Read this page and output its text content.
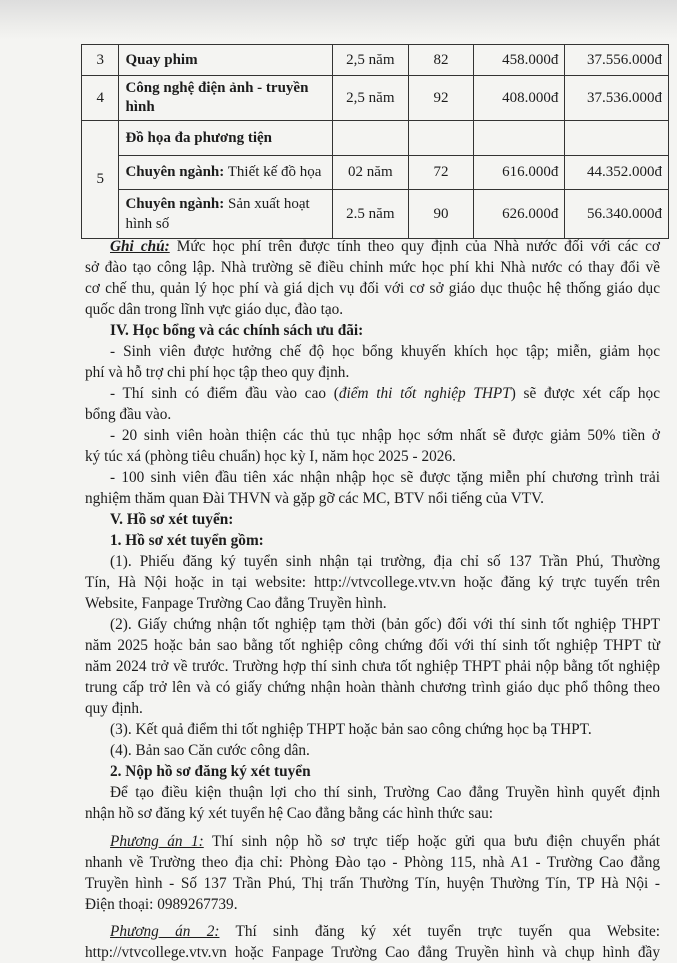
3	Quay phim	2,5 năm	82	458.000đ	37.556.000đ
4	Công nghệ điện ảnh - truyền hình	2,5 năm	92	408.000đ	37.536.000đ
5	Đồ họa đa phương tiện				
	Chuyên ngành: Thiết kế đồ họa	02 năm	72	616.000đ	44.352.000đ
	Chuyên ngành: Sản xuất hoạt hình số	2.5 năm	90	626.000đ	56.340.000đ
Ghi chú: Mức học phí trên được tính theo quy định của Nhà nước đối với các cơ
sở đào tạo công lập. Nhà trường sẽ điều chỉnh mức học phí khi Nhà nước có thay đổi về
cơ chế thu, quản lý học phí và giá dịch vụ đối với cơ sở giáo dục thuộc hệ thống giáo dục
quốc dân trong lĩnh vực giáo dục, đào tạo.
IV. Học bổng và các chính sách ưu đãi:
- Sinh viên được hưởng chế độ học bổng khuyến khích học tập; miễn, giảm học
phí và hỗ trợ chi phí học tập theo quy định.
- Thí sinh có điểm đầu vào cao (điểm thi tốt nghiệp THPT) sẽ được xét cấp học
bổng đầu vào.
- 20 sinh viên hoàn thiện các thủ tục nhập học sớm nhất sẽ được giảm 50% tiền ở
ký túc xá (phòng tiêu chuẩn) học kỳ I, năm học 2025 - 2026.
- 100 sinh viên đầu tiên xác nhận nhập học sẽ được tặng miễn phí chương trình trải
nghiệm thăm quan Đài THVN và gặp gỡ các MC, BTV nổi tiếng của VTV.
V. Hồ sơ xét tuyển:
1. Hồ sơ xét tuyển gồm:
(1). Phiếu đăng ký tuyển sinh nhận tại trường, địa chỉ số 137 Trần Phú, Thường
Tín, Hà Nội hoặc in tại website: http://vtvcollege.vtv.vn hoặc đăng ký trực tuyến trên
Website, Fanpage Trường Cao đẳng Truyền hình.
(2). Giấy chứng nhận tốt nghiệp tạm thời (bản gốc) đối với thí sinh tốt nghiệp THPT
năm 2025 hoặc bản sao bằng tốt nghiệp công chứng đối với thí sinh tốt nghiệp THPT từ
năm 2024 trở về trước. Trường hợp thí sinh chưa tốt nghiệp THPT phải nộp bằng tốt nghiệp
trung cấp trở lên và có giấy chứng nhận hoàn thành chương trình giáo dục phổ thông theo
quy định.
(3). Kết quả điểm thi tốt nghiệp THPT hoặc bản sao công chứng học bạ THPT.
(4). Bản sao Căn cước công dân.
2. Nộp hồ sơ đăng ký xét tuyển
Để tạo điều kiện thuận lợi cho thí sinh, Trường Cao đẳng Truyền hình quyết định
nhận hồ sơ đăng ký xét tuyển hệ Cao đẳng bằng các hình thức sau:
Phương án 1: Thí sinh nộp hồ sơ trực tiếp hoặc gửi qua bưu điện chuyển phát
nhanh về Trường theo địa chỉ: Phòng Đào tạo - Phòng 115, nhà A1 - Trường Cao đẳng
Truyền hình - Số 137 Trần Phú, Thị trấn Thường Tín, huyện Thường Tín, TP Hà Nội -
Điện thoại: 0989267739.
Phương án 2: Thí sinh đăng ký xét tuyển trực tuyến qua Website:
http://vtvcollege.vtv.vn hoặc Fanpage Trường Cao đẳng Truyền hình và chụp hình đầy
